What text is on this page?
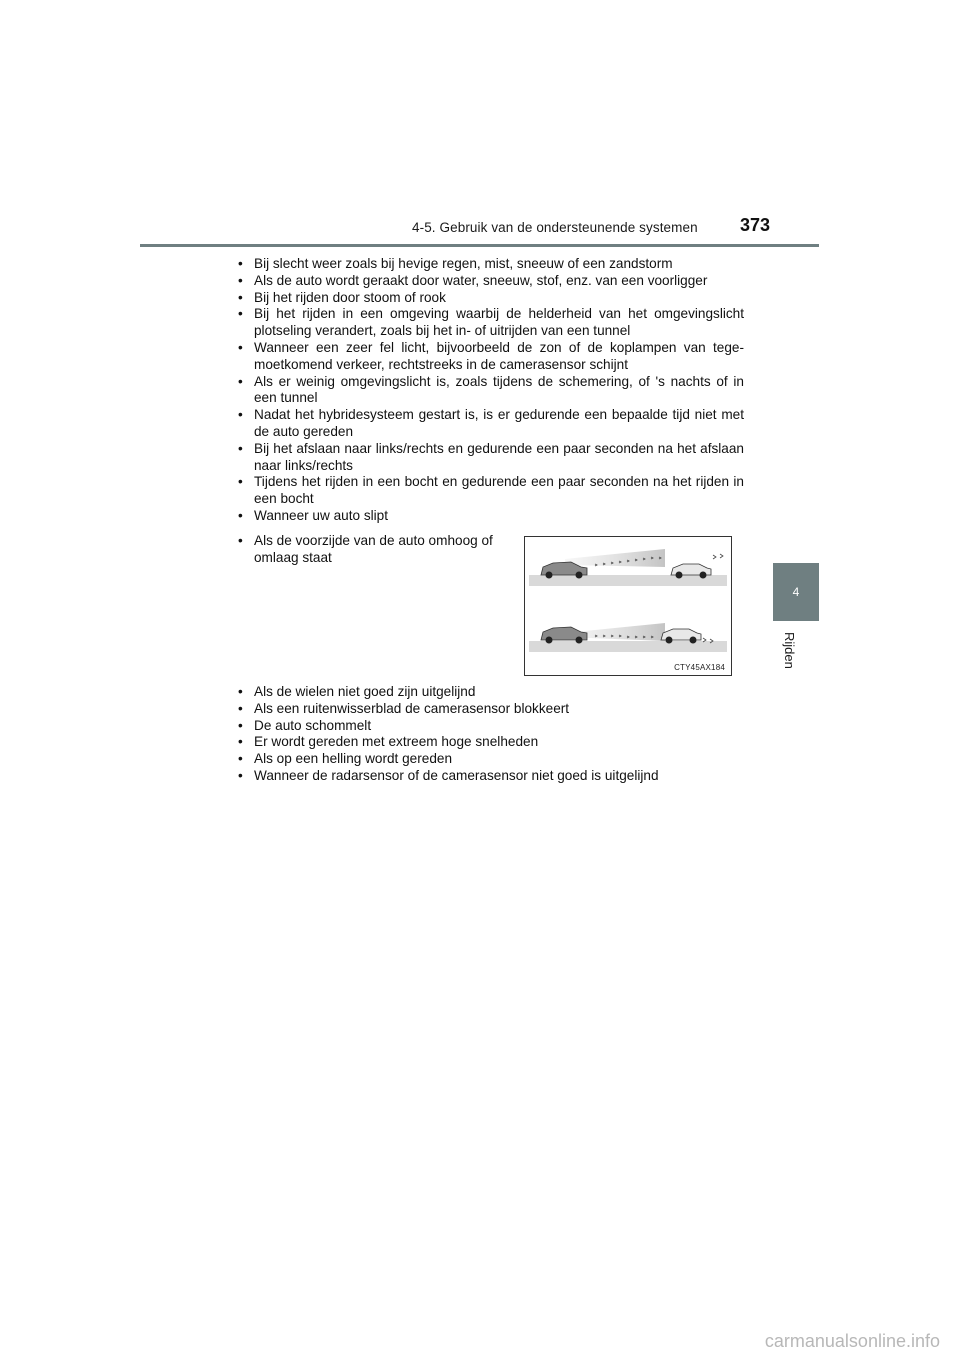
4-5. Gebruik van de ondersteunende systemen 373
4
Rijden
• Bij slecht weer zoals bij hevige regen, mist, sneeuw of een zandstorm
• Als de auto wordt geraakt door water, sneeuw, stof, enz. van een voorligger
• Bij het rijden door stoom of rook
• Bij het rijden in een omgeving waarbij de helderheid van het omgevingslicht plotseling verandert, zoals bij het in- of uitrijden van een tunnel
• Wanneer een zeer fel licht, bijvoorbeeld de zon of de koplampen van tege-moetkomend verkeer, rechtstreeks in de camerasensor schijnt
• Als er weinig omgevingslicht is, zoals tijdens de schemering, of 's nachts of in een tunnel
• Nadat het hybridesysteem gestart is, is er gedurende een bepaalde tijd niet met de auto gereden
• Bij het afslaan naar links/rechts en gedurende een paar seconden na het afslaan naar links/rechts
• Tijdens het rijden in een bocht en gedurende een paar seconden na het rijden in een bocht
• Wanneer uw auto slipt
• Als de voorzijde van de auto omhoog of omlaag staat
CTY45AX184
• Als de wielen niet goed zijn uitgelijnd
• Als een ruitenwisserblad de camerasensor blokkeert
• De auto schommelt
• Er wordt gereden met extreem hoge snelheden
• Als op een helling wordt gereden
• Wanneer de radarsensor of de camerasensor niet goed is uitgelijnd
carmanualsonline.info
